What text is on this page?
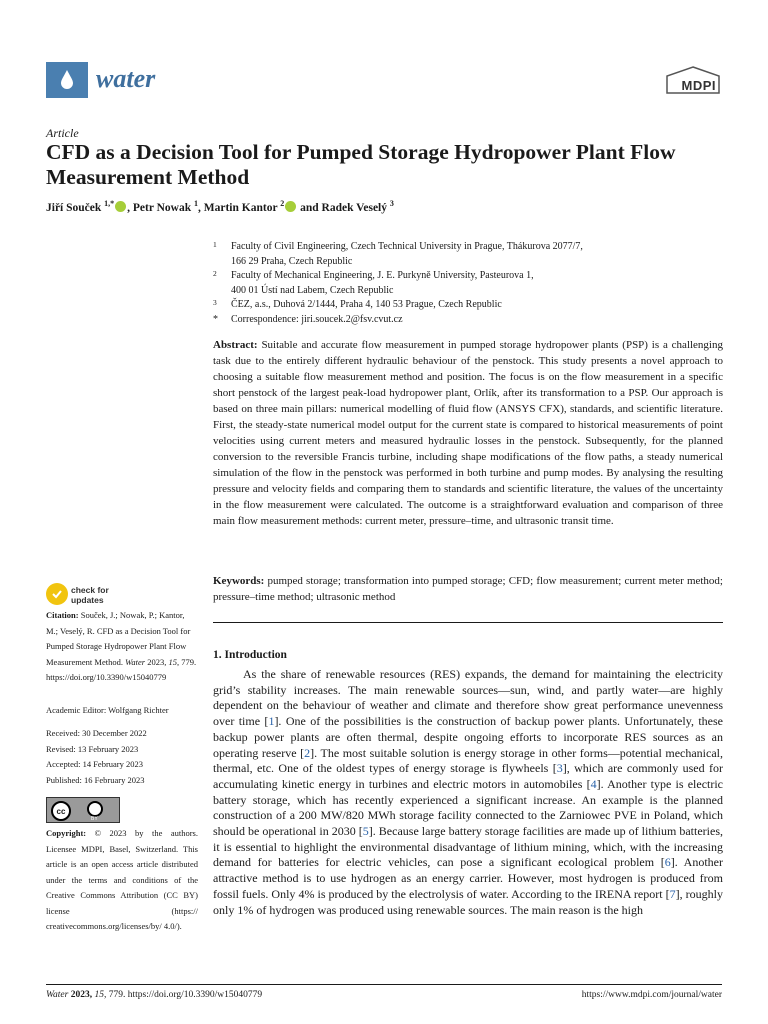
water	MDPI
Article
CFD as a Decision Tool for Pumped Storage Hydropower Plant Flow Measurement Method
Jiří Souček $^{1,*}$ , Petr Nowak $^1$, Martin Kantor $^2$ and Radek Veselý $^3$
1 Faculty of Civil Engineering, Czech Technical University in Prague, Thákurova 2077/7,
166 29 Praha, Czech Republic
2 Faculty of Mechanical Engineering, J. E. Purkyně University, Pasteurova 1,
400 01 Ústí nad Labem, Czech Republic
3 ČEZ, a.s., Duhová 2/1444, Praha 4, 140 53 Prague, Czech Republic
* Correspondence: jiri.soucek.2@fsv.cvut.cz
Abstract: Suitable and accurate flow measurement in pumped storage hydropower plants (PSP) is a challenging task due to the entirely different hydraulic behaviour of the penstock. This study presents a novel approach to choosing a suitable flow measurement method and position. The focus is on the flow measurement in a specific short penstock of the largest peak-load hydropower plant, Orlík, after its transformation to a PSP. Our approach is based on three main pillars: numerical modelling of fluid flow (ANSYS CFX), standards, and scientific literature. First, the steady-state numerical model output for the current state is compared to historical measurements of point velocities using current meters and measured hydraulic losses in the penstock. Subsequently, for the planned conversion to the reversible Francis turbine, including shape modifications of the flow paths, a steady numerical simulation of the flow in the penstock was performed in both turbine and pump modes. By analysing the resulting pressure and velocity fields and comparing them to standards and scientific literature, the values of the uncertainty in the flow measurement were calculated. The outcome is a straightforward evaluation and comparison of three main flow measurement methods: current meter, pressure–time, and ultrasonic transit time.
Keywords: pumped storage; transformation into pumped storage; CFD; flow measurement; current meter method; pressure–time method; ultrasonic method
1. Introduction
As the share of renewable resources (RES) expands, the demand for maintaining the electricity grid’s stability increases. The main renewable sources—sun, wind, and partly water—are highly dependent on the behaviour of weather and climate and therefore show great performance unevenness over time [1]. One of the possibilities is the construction of backup power plants. Unfortunately, these backup power plants are often thermal, despite ongoing efforts to incorporate RES sources as an operating reserve [2]. The most suitable solution is energy storage in other forms—potential mechanical, thermal, etc. One of the oldest types of energy storage is flywheels [3], which are commonly used for accumulating kinetic energy in turbines and electric motors in automobiles [4]. Another type is electric battery storage, which has recently experienced a significant increase. An example is the planned construction of a 200 MW/820 MWh storage facility connected to the Zarniowec PVE in Poland, which should be operational in 2030 [5]. Because large battery storage facilities are made up of lithium batteries, it is essential to highlight the environmental disadvantage of lithium mining, which, with the increasing demand for batteries for electric vehicles, can pose a significant ecological problem [6]. Another attractive method is to use hydrogen as an energy carrier. However, most hydrogen is produced from fossil fuels. Only 4% is produced by the electrolysis of water. According to the IRENA report [7], roughly only 1% of hydrogen was produced using renewable sources. The main reason is the high
check for
updates
Citation: Souček, J.; Nowak, P.; Kantor, M.; Veselý, R. CFD as a Decision Tool for Pumped Storage Hydropower Plant Flow Measurement Method. Water 2023, 15, 779. https://doi.org/10.3390/w15040779
Academic Editor: Wolfgang Richter
Received: 30 December 2022
Revised: 13 February 2023
Accepted: 14 February 2023
Published: 16 February 2023
cc
BY
Copyright: © 2023 by the authors. Licensee MDPI, Basel, Switzerland. This article is an open access article distributed under the terms and conditions of the Creative Commons Attribution (CC BY) license (https:// creativecommons.org/licenses/by/ 4.0/).
Water 2023, 15, 779. https://doi.org/10.3390/w15040779	https://www.mdpi.com/journal/water
